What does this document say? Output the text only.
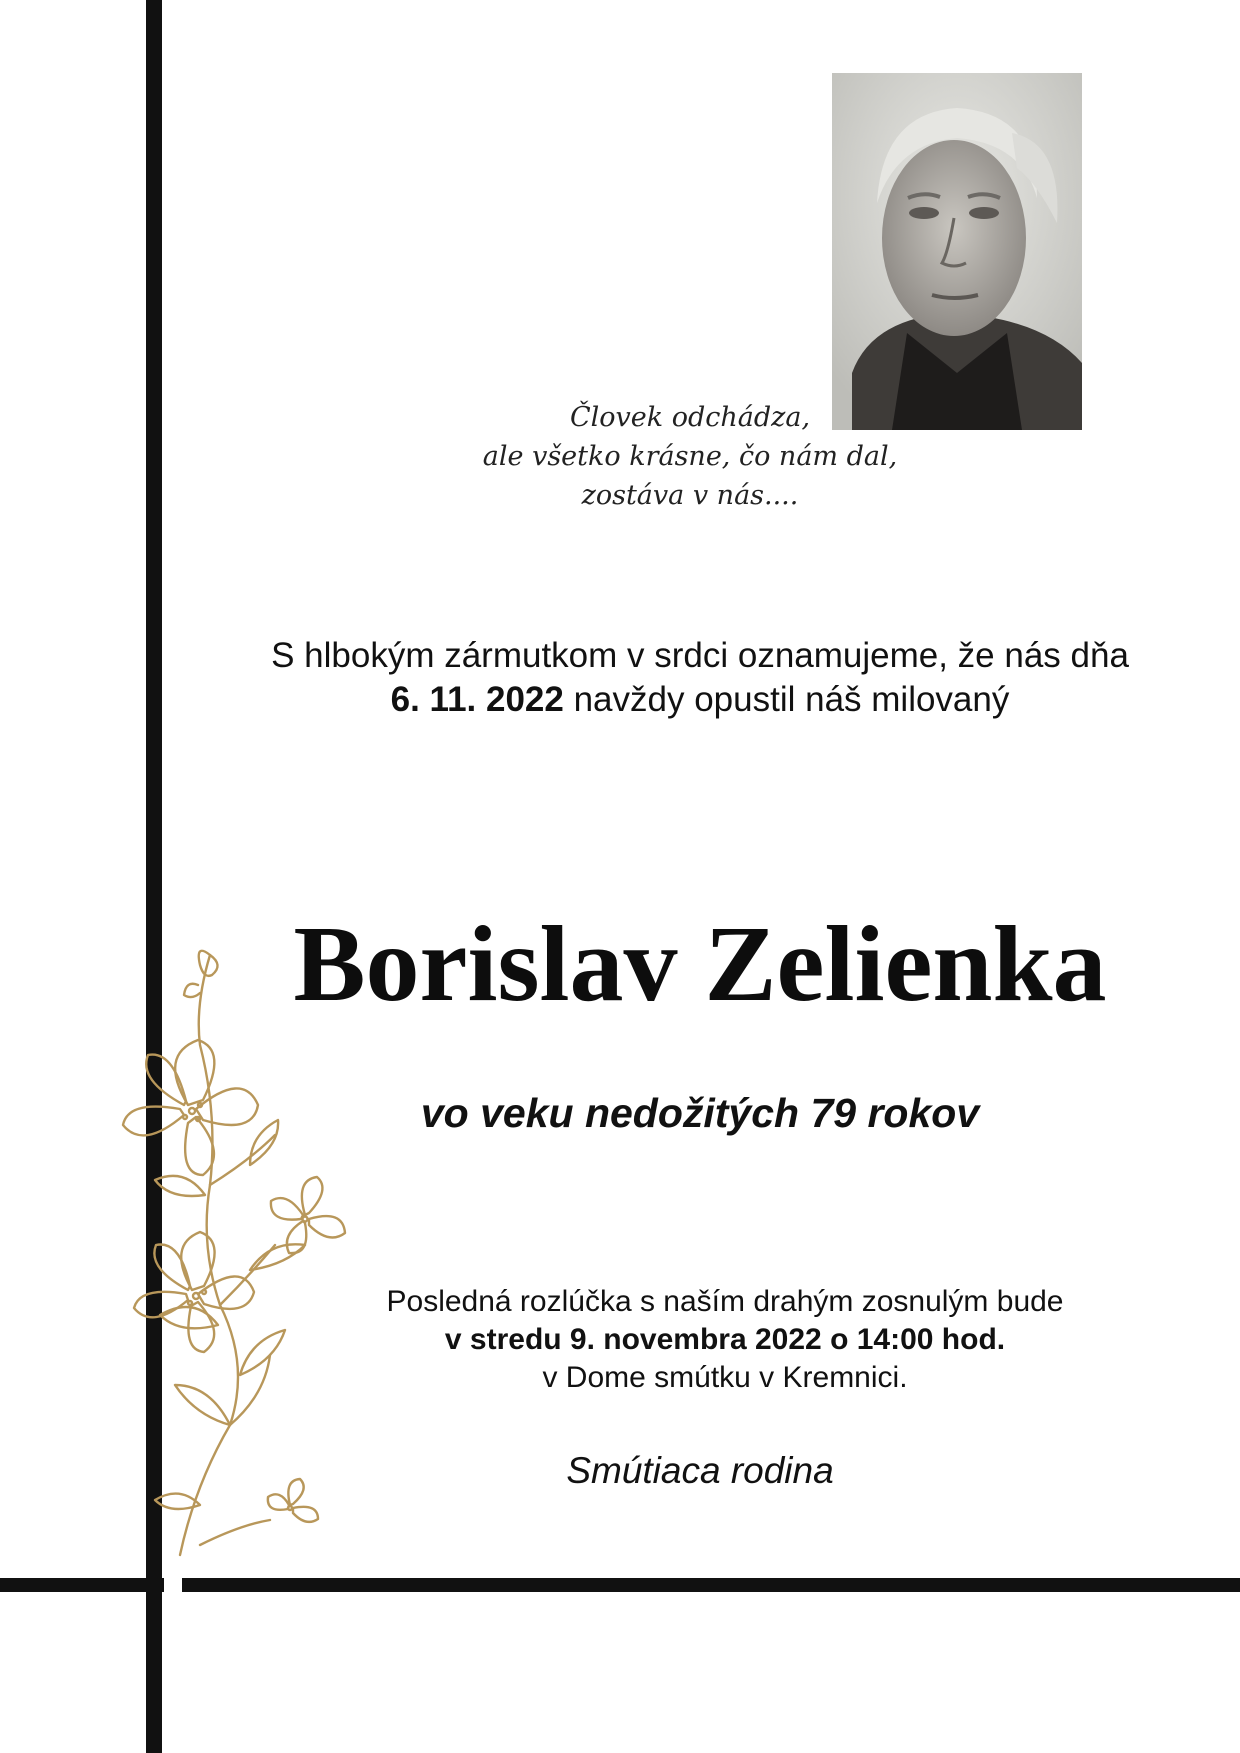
Človek odchádza,
ale všetko krásne, čo nám dal,
zostáva v nás....
S hlbokým zármutkom v srdci oznamujeme, že nás dňa
6. 11. 2022 navždy opustil náš milovaný
Borislav Zelienka
vo veku nedožitých 79 rokov
Posledná rozlúčka s naším drahým zosnulým bude
v stredu 9. novembra 2022 o 14:00 hod.
v Dome smútku v Kremnici.
Smútiaca rodina
